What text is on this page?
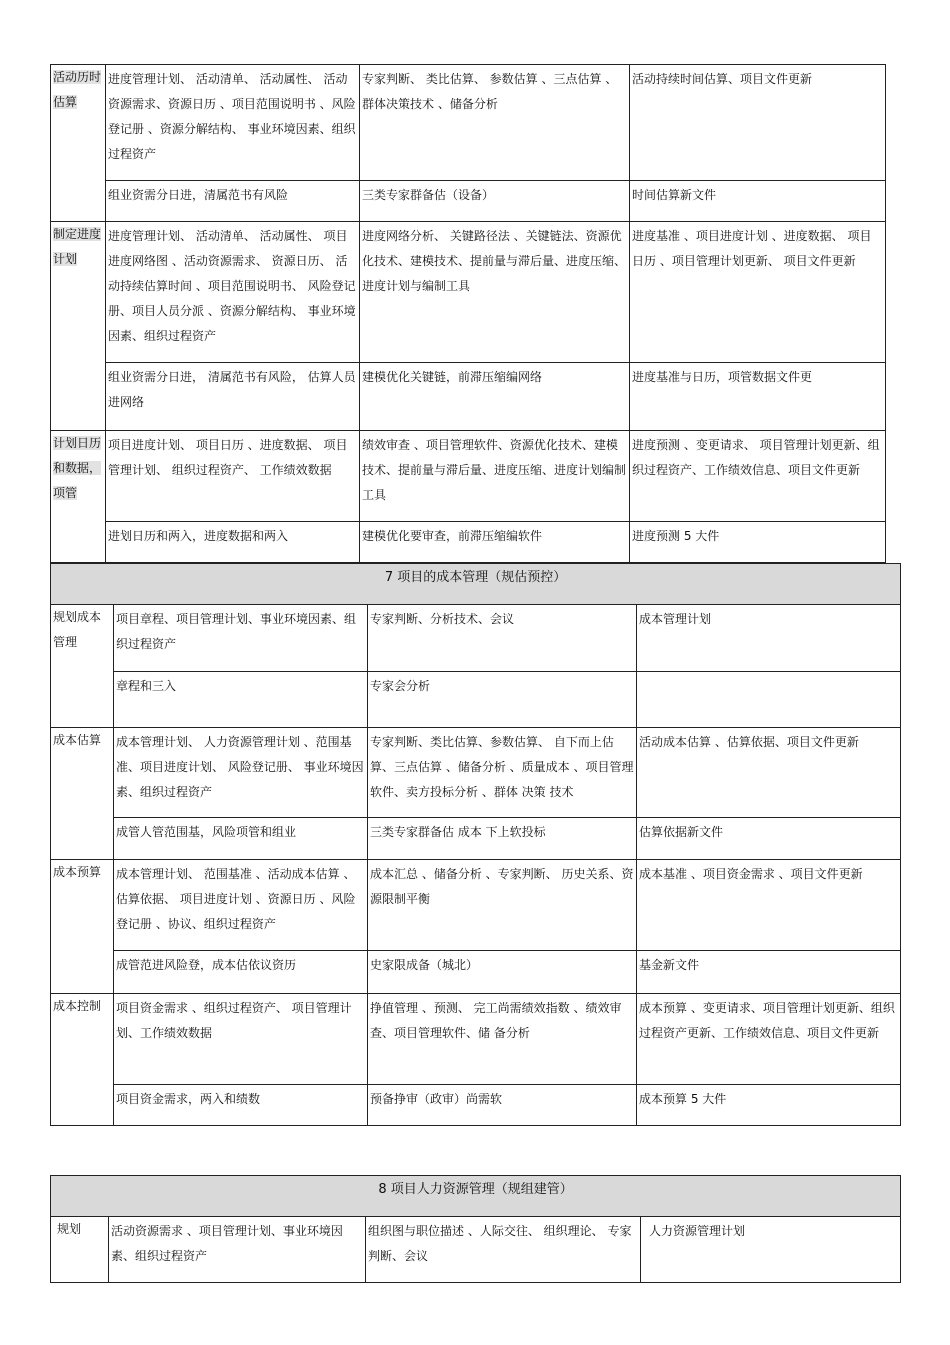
活动历时估算	进度管理计划、 活动清单、 活动属性、 活动资源需求、资源日历 、项目范围说明书 、风险登记册 、资源分解结构、 事业环境因素、组织过程资产	专家判断、 类比估算、 参数估算 、三点估算 、群体决策技术 、储备分析	活动持续时间估算、项目文件更新
	组业资需分日进，清属范书有风险	三类专家群备估（设备）	时间估算新文件
制定进度计划	进度管理计划、 活动清单、 活动属性、 项目进度网络图 、活动资源需求、 资源日历、 活动持续估算时间 、项目范围说明书、 风险登记册、项目人员分派 、资源分解结构、 事业环境因素、组织过程资产	进度网络分析、 关键路径法 、关键链法、资源优化技术、建模技术、提前量与滞后量、进度压缩、进度计划与编制工具	进度基准 、项目进度计划 、进度数据、 项目日历 、项目管理计划更新、 项目文件更新
	组业资需分日进， 清属范书有风险， 估算人员进网络	建模优化关键链，前滞压缩编网络	进度基准与日历，项管数据文件更
计划日历和数据，项管	项目进度计划、 项目日历 、进度数据、 项目管理计划、 组织过程资产、 工作绩效数据	绩效审查 、项目管理软件、资源优化技术、建模技术、提前量与滞后量、进度压缩、进度计划编制工具	进度预测 、变更请求、 项目管理计划更新、组织过程资产、工作绩效信息、项目文件更新
	进划日历和两入，进度数据和两入	建模优化要审查，前滞压缩编软件	进度预测 5 大件
7 项目的成本管理（规估预控）			
规划成本管理	项目章程、项目管理计划、事业环境因素、组织过程资产	专家判断、分析技术、会议	成本管理计划
	章程和三入	专家会分析	
成本估算	成本管理计划、 人力资源管理计划 、范围基准、项目进度计划、 风险登记册、 事业环境因素、组织过程资产	专家判断、类比估算、参数估算、 自下而上估算、三点估算 、储备分析 、质量成本 、项目管理 软件、卖方投标分析 、群体 决策 技术	活动成本估算 、估算依据、项目文件更新
	成管人管范围基，风险项管和组业	三类专家群备估 成本 下上软投标	估算依据新文件
成本预算	成本管理计划、 范围基准 、活动成本估算 、估算依据、 项目进度计划 、资源日历 、风险登记册 、协议、组织过程资产	成本汇总 、储备分析 、专家判断、 历史关系、资源限制平衡	成本基准 、项目资金需求 、项目文件更新
	成管范进风险登，成本估依议资历	史家限成备（城北）	基金新文件
成本控制	项目资金需求 、组织过程资产、 项目管理计划、工作绩效数据	挣值管理 、预测、 完工尚需绩效指数 、绩效审查、项目管理软件、储 备分析	成本预算 、变更请求、项目管理计划更新、组织过程资产更新、工作绩效信息、项目文件更新
	项目资金需求，两入和绩数	预备挣审（政审）尚需软	成本预算 5 大件
8 项目人力资源管理（规组建管）
规划	活动资源需求 、项目管理计划、事业环境因素、组织过程资产	组织图与职位描述 、人际交往、 组织理论、 专家判断、会议	人力资源管理计划
